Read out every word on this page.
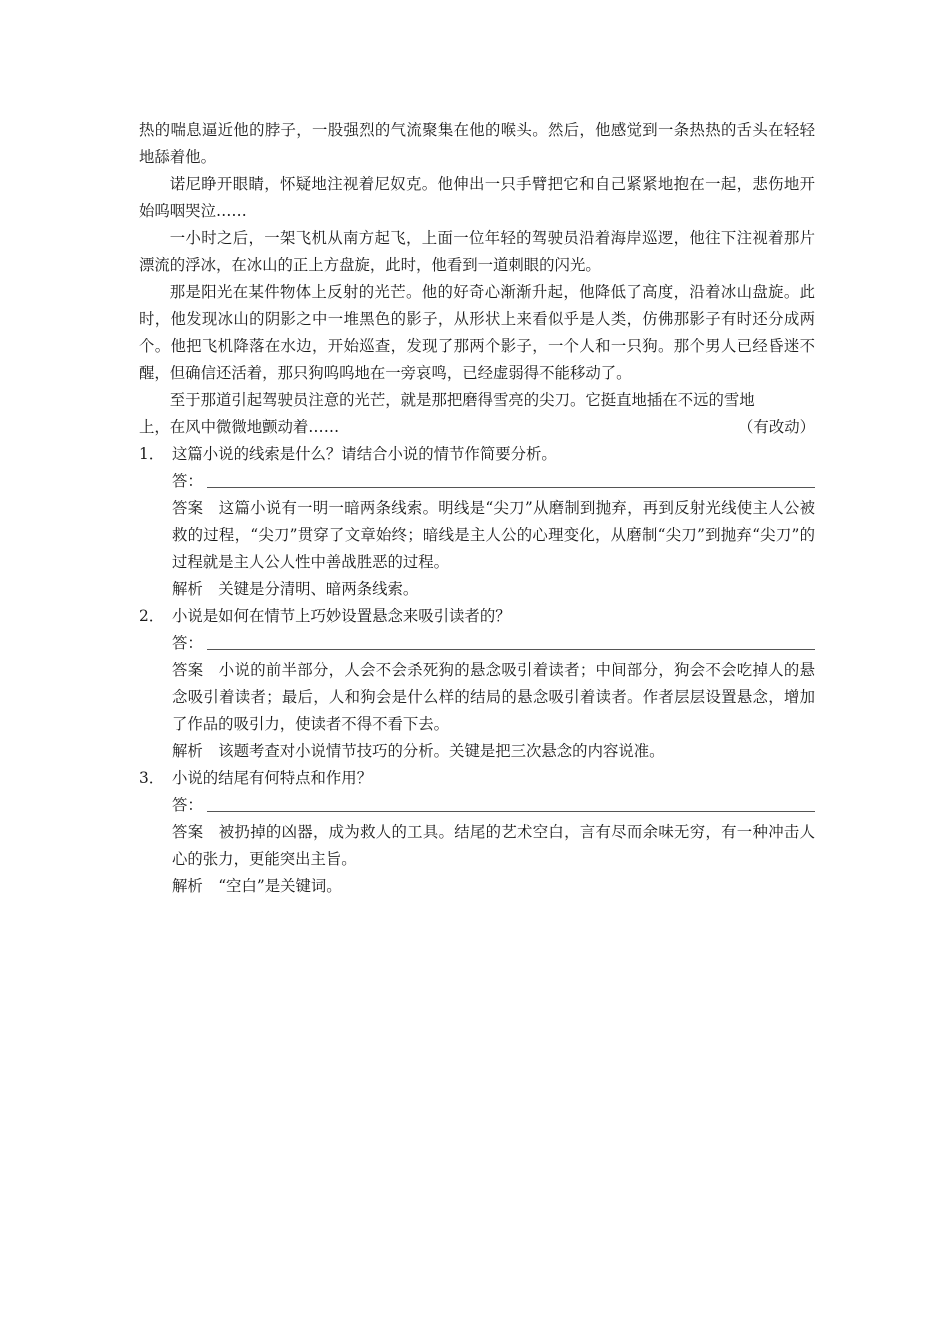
热的喘息逼近他的脖子，一股强烈的气流聚集在他的喉头。然后，他感觉到一条热热的舌头在轻轻地舔着他。

诺尼睁开眼睛，怀疑地注视着尼奴克。他伸出一只手臂把它和自己紧紧地抱在一起，悲伤地开始呜咽哭泣……

一小时之后，一架飞机从南方起飞，上面一位年轻的驾驶员沿着海岸巡逻，他往下注视着那片漂流的浮冰，在冰山的正上方盘旋，此时，他看到一道刺眼的闪光。

那是阳光在某件物体上反射的光芒。他的好奇心渐渐升起，他降低了高度，沿着冰山盘旋。此时，他发现冰山的阴影之中一堆黑色的影子，从形状上来看似乎是人类，仿佛那影子有时还分成两个。他把飞机降落在水边，开始巡查，发现了那两个影子，一个人和一只狗。那个男人已经昏迷不醒，但确信还活着，那只狗呜呜地在一旁哀鸣，已经虚弱得不能移动了。

至于那道引起驾驶员注意的光芒，就是那把磨得雪亮的尖刀。它挺直地插在不远的雪地

上，在风中微微地颤动着……	（有改动）
1． 这篇小说的线索是什么？请结合小说的情节作简要分析。
答：

答案 这篇小说有一明一暗两条线索。明线是“尖刀”从磨制到抛弃，再到反射光线使主人公被救的过程，“尖刀”贯穿了文章始终；暗线是主人公的心理变化，从磨制“尖刀”到抛弃“尖刀”的过程就是主人公人性中善战胜恶的过程。

解析 关键是分清明、暗两条线索。

2． 小说是如何在情节上巧妙设置悬念来吸引读者的？
答：

答案 小说的前半部分，人会不会杀死狗的悬念吸引着读者；中间部分，狗会不会吃掉人的悬念吸引着读者；最后，人和狗会是什么样的结局的悬念吸引着读者。作者层层设置悬念，增加了作品的吸引力，使读者不得不看下去。

解析 该题考查对小说情节技巧的分析。关键是把三次悬念的内容说准。

3． 小说的结尾有何特点和作用？
答：

答案 被扔掉的凶器，成为救人的工具。结尾的艺术空白，言有尽而余味无穷，有一种冲击人心的张力，更能突出主旨。

解析 “空白”是关键词。
